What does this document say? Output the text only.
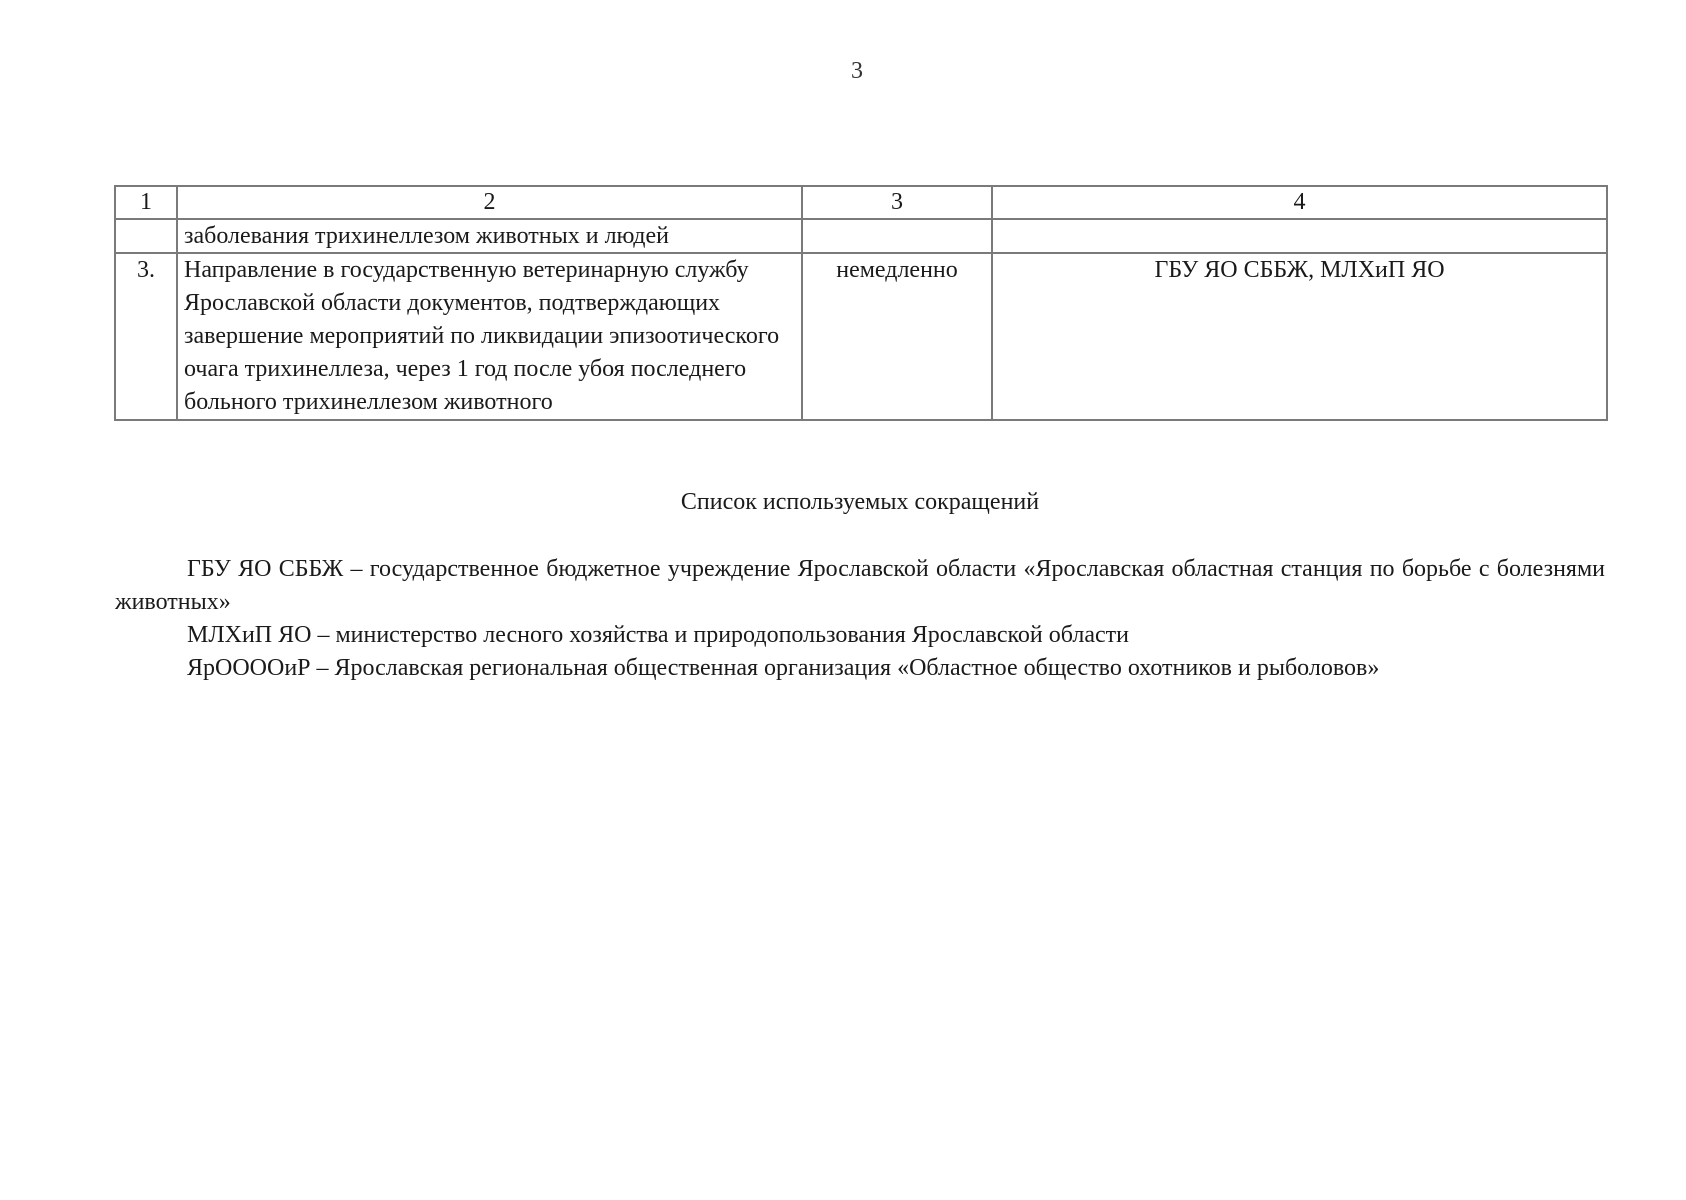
3
1	2	3	4
	заболевания трихинеллезом животных и людей		
3.	Направление в государственную ветеринарную службу Ярославской области документов, подтверждающих завершение мероприятий по ликвидации эпизоотического очага трихинеллеза, через 1 год после убоя последнего больного трихинеллезом животного	немедленно	ГБУ ЯО СББЖ, МЛХиП ЯО
Список используемых сокращений

ГБУ ЯО СББЖ – государственное бюджетное учреждение Ярославской области «Ярославская областная станция по борьбе с болезнями животных»

МЛХиП ЯО – министерство лесного хозяйства и природопользования Ярославской области

ЯрООООиР – Ярославская региональная общественная организация «Областное общество охотников и рыболовов»
